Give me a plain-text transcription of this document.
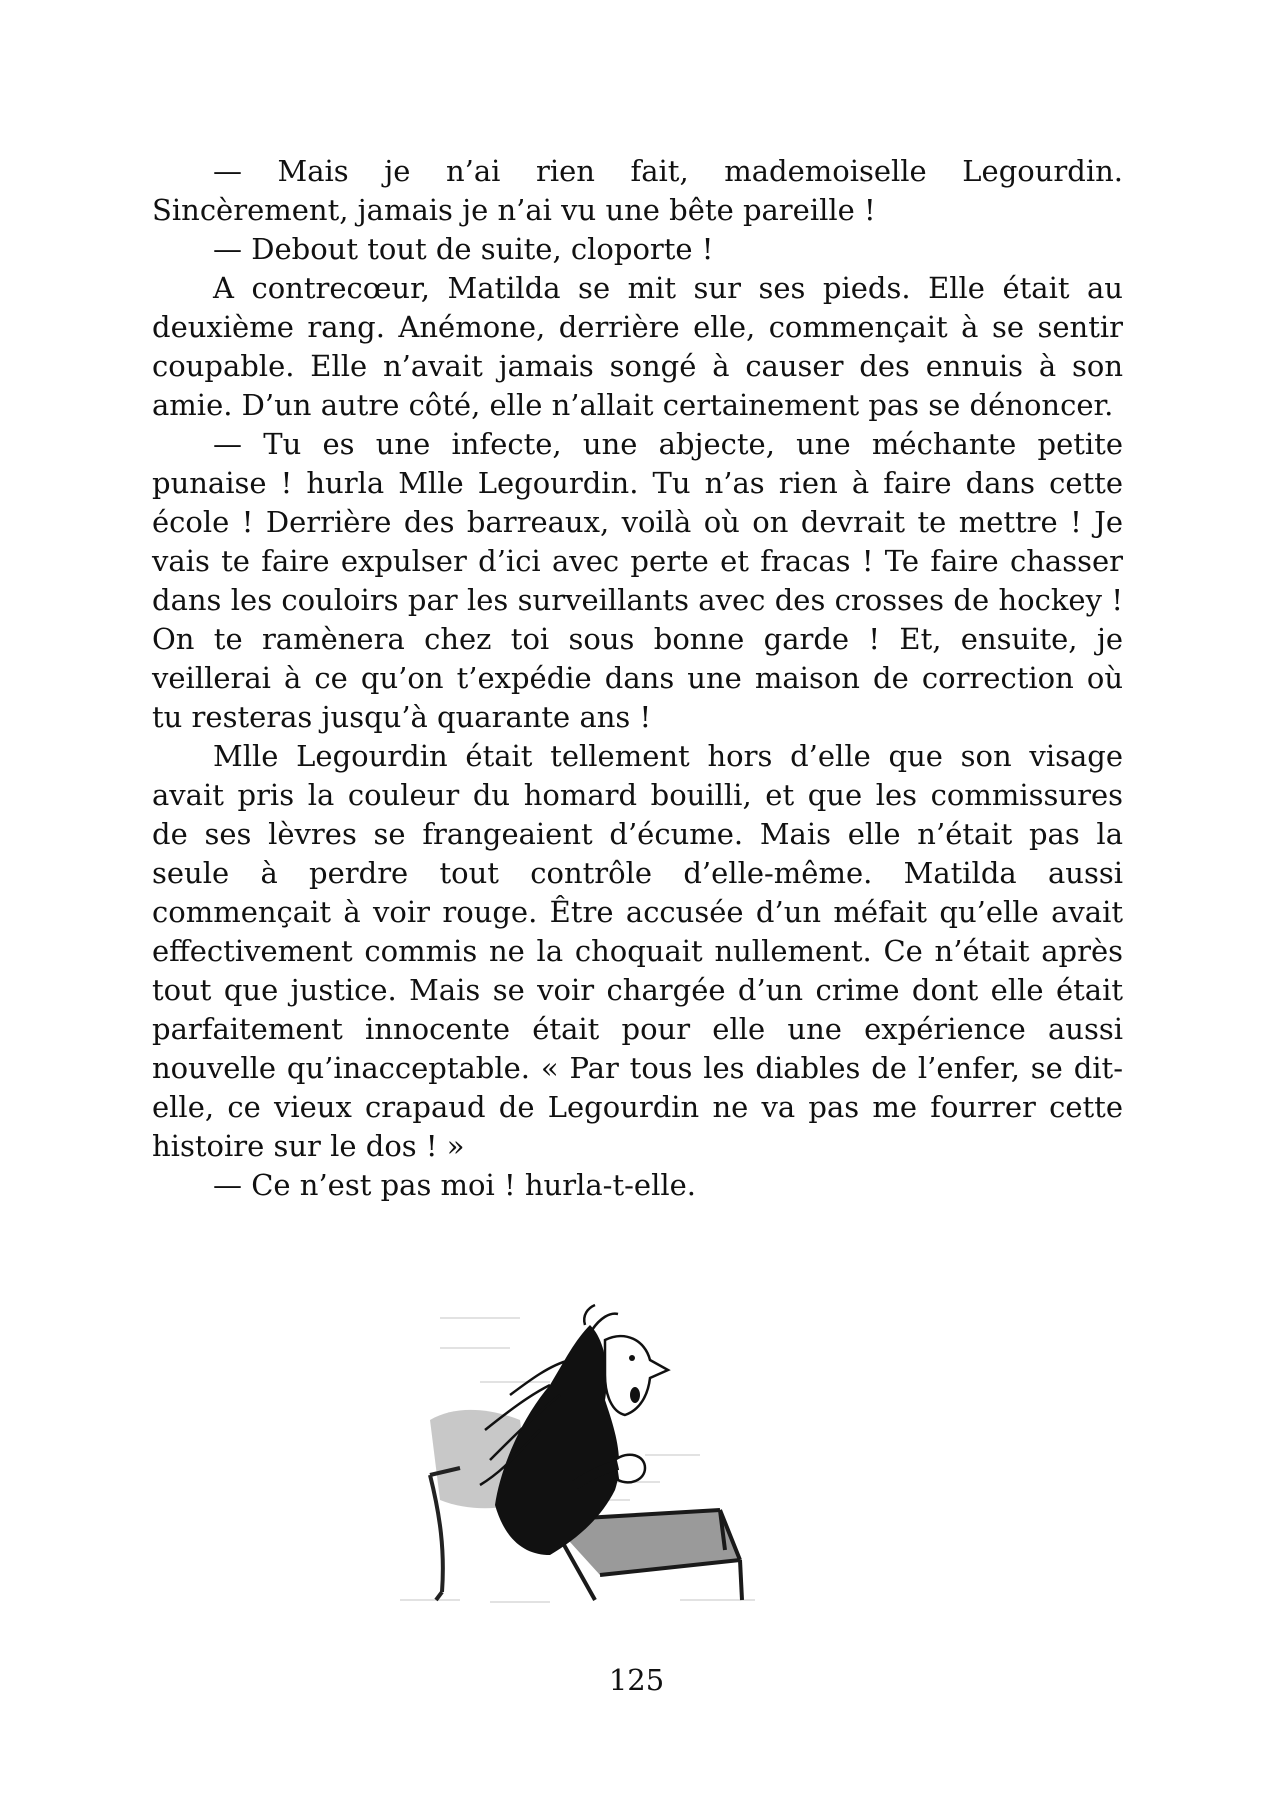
— Mais je n’ai rien fait, mademoiselle Legourdin. Sincèrement, jamais je n’ai vu une bête pareille !

— Debout tout de suite, cloporte !

A contrecœur, Matilda se mit sur ses pieds. Elle était au deuxième rang. Anémone, derrière elle, commençait à se sentir coupable. Elle n’avait jamais songé à causer des ennuis à son amie. D’un autre côté, elle n’allait certainement pas se dénoncer.

— Tu es une infecte, une abjecte, une méchante petite punaise ! hurla Mlle Legourdin. Tu n’as rien à faire dans cette école ! Derrière des barreaux, voilà où on devrait te mettre ! Je vais te faire expulser d’ici avec perte et fracas ! Te faire chasser dans les couloirs par les surveillants avec des crosses de hockey ! On te ramènera chez toi sous bonne garde ! Et, ensuite, je veillerai à ce qu’on t’expédie dans une maison de correction où tu resteras jusqu’à quarante ans !

Mlle Legourdin était tellement hors d’elle que son visage avait pris la couleur du homard bouilli, et que les commissures de ses lèvres se frangeaient d’écume. Mais elle n’était pas la seule à perdre tout contrôle d’elle-même. Matilda aussi commençait à voir rouge. Être accusée d’un méfait qu’elle avait effectivement commis ne la choquait nullement. Ce n’était après tout que justice. Mais se voir chargée d’un crime dont elle était parfaitement innocente était pour elle une expérience aussi nouvelle qu’inacceptable. « Par tous les diables de l’enfer, se dit-elle, ce vieux crapaud de Legourdin ne va pas me fourrer cette histoire sur le dos ! »

— Ce n’est pas moi ! hurla-t-elle.

125
